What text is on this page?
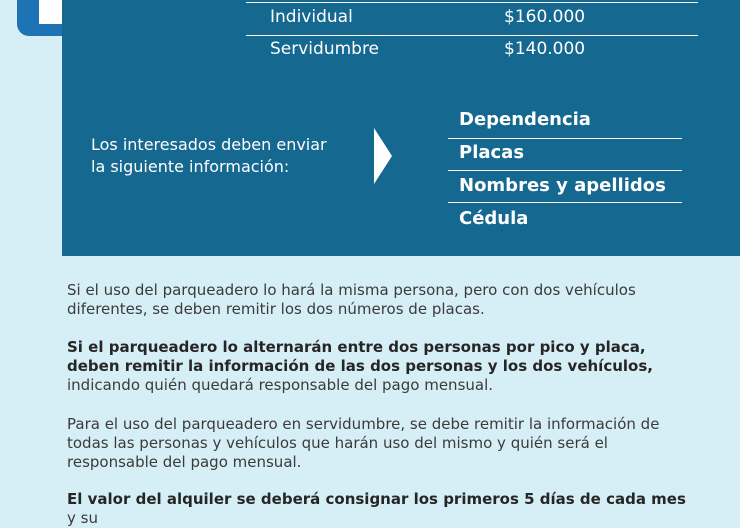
Individual	$160.000
Servidumbre	$140.000
Los interesados deben enviar
la siguiente información:
Dependencia
Placas
Nombres y apellidos
Cédula

Si el uso del parqueadero lo hará la misma persona, pero con dos vehículos diferentes, se deben remitir los dos números de placas.

Si el parqueadero lo alternarán entre dos personas por pico y placa, deben remitir la información de las dos personas y los dos vehículos, indicando quién quedará responsable del pago mensual.

Para el uso del parqueadero en servidumbre, se debe remitir la información de todas las personas y vehículos que harán uso del mismo y quién será el responsable del pago mensual.

El valor del alquiler se deberá consignar los primeros 5 días de cada mes y su
